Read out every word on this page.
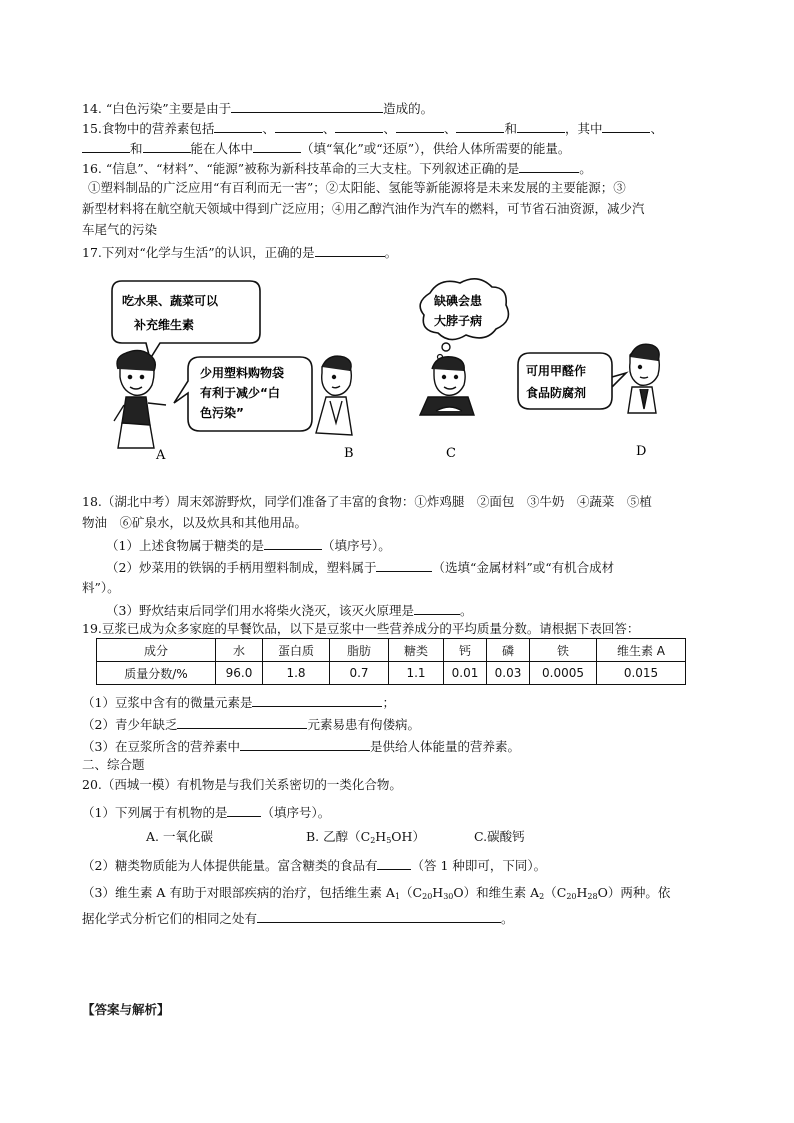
14. “白色污染”主要是由于	造成的。
15.食物中的营养素包括	、	、	、	、	和	，其中	、
和	能在人体中	（填“氧化”或“还原”），供给人体所需要的能量。
16. “信息”、“材料”、“能源”被称为新科技革命的三大支柱。下列叙述正确的是	。
①塑料制品的广泛应用“有百利而无一害”；②太阳能、氢能等新能源将是未来发展的主要能源；③
新型材料将在航空航天领域中得到广泛应用；④用乙醇汽油作为汽车的燃料，可节省石油资源，减少汽
车尾气的污染
17.下列对“化学与生活”的认识，正确的是	。
吃水果、蔬菜可以
补充维生素
少用塑料购物袋
有利于减少“白
色污染”
缺碘会患
大脖子病
可用甲醛作
食品防腐剂
A	B	C	D
18.（湖北中考）周末郊游野炊，同学们准备了丰富的食物：①炸鸡腿　②面包　③牛奶　④蔬菜　⑤植
物油　⑥矿泉水，以及炊具和其他用品。
（1）上述食物属于糖类的是	（填序号）。
（2）炒菜用的铁锅的手柄用塑料制成，塑料属于	（选填“金属材料”或“有机合成材
料”）。
（3）野炊结束后同学们用水将柴火浇灭，该灭火原理是	。
19.豆浆已成为众多家庭的早餐饮品，以下是豆浆中一些营养成分的平均质量分数。请根据下表回答：
成分	水	蛋白质	脂肪	糖类	钙	磷	铁	维生素 A
质量分数/%	96.0	1.8	0.7	1.1	0.01	0.03	0.0005	0.015
（1）豆浆中含有的微量元素是	；
（2）青少年缺乏	元素易患有佝偻病。
（3）在豆浆所含的营养素中	是供给人体能量的营养素。
二、综合题
20.（西城一模）有机物是与我们关系密切的一类化合物。
（1）下列属于有机物的是	（填序号）。
A. 一氧化碳	B. 乙醇$(C_2H_5OH)$	C.碳酸钙
（2）糖类物质能为人体提供能量。富含糖类的食品有	（答 1 种即可，下同）。
（3）维生素 A 有助于对眼部疾病的治疗，包括维生素 $A_1(C_{20}H_{30}O)$和维生素 $A_2(C_{20}H_{28}O)$两种。依
据化学式分析它们的相同之处有	。
【答案与解析】
